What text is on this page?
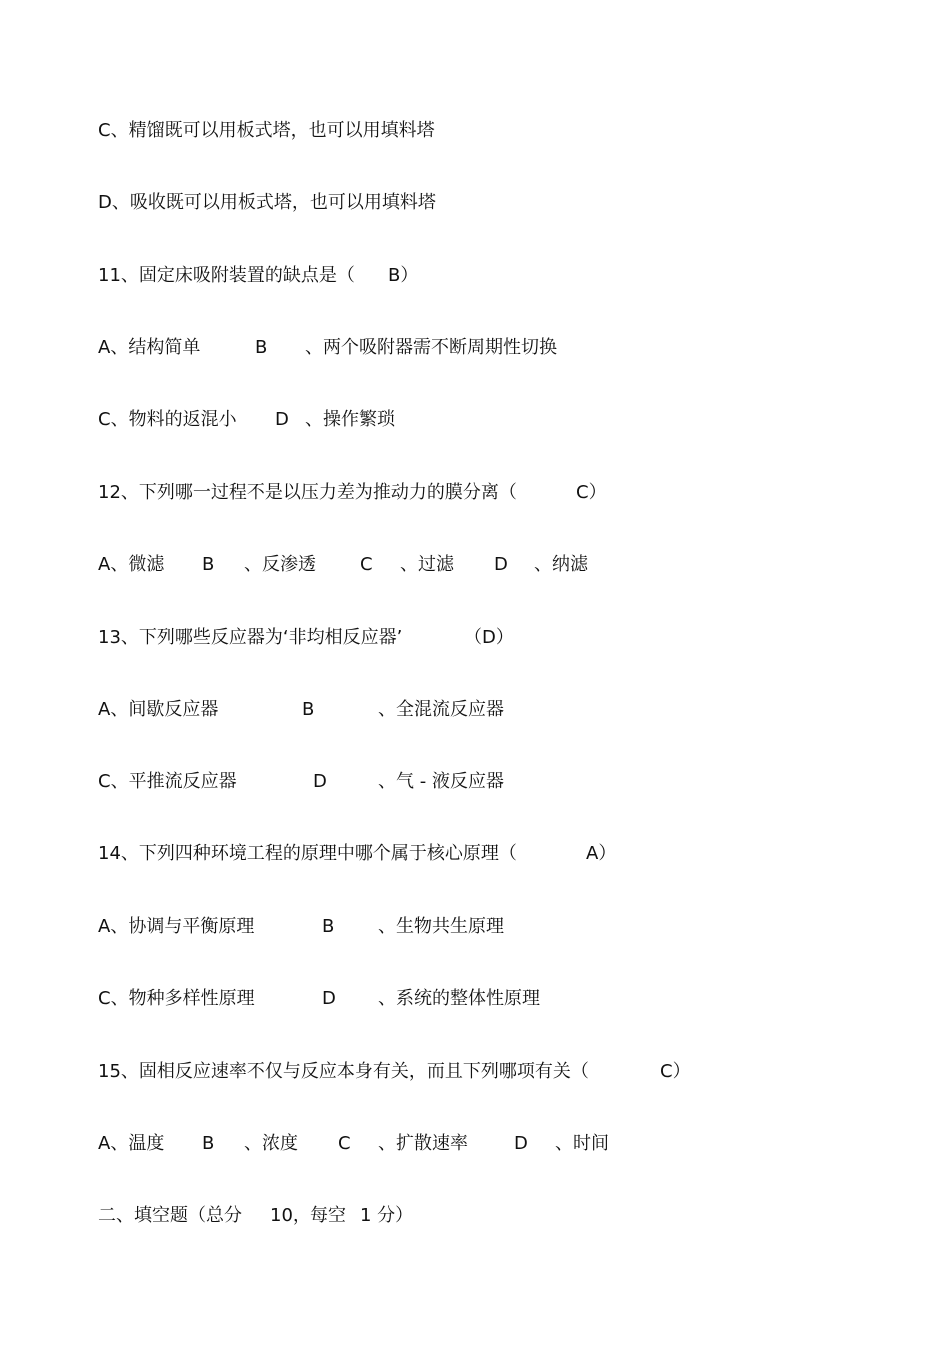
C、精馏既可以用板式塔，也可以用填料塔

D、吸收既可以用板式塔，也可以用填料塔

11、固定床吸附装置的缺点是（

B）

A、结构简单

	B

、两个吸附器需不断周期性切换

C、物料的返混小

D

、操作繁琐

12、下列哪一过程不是以压力差为推动力的膜分离（

	C）

A、微滤

B

、反渗透

C

、过滤

D

、纳滤

13、下列哪些反应器为‘非均相反应器’

	（D）

A、间歇反应器

	B

	、全混流反应器

C、平推流反应器

	D

	、气 - 液反应器

14、下列四种环境工程的原理中哪个属于核心原理（

	A）

A、协调与平衡原理

	B

、生物共生原理

C、物种多样性原理

	D

、系统的整体性原理

15、固相反应速率不仅与反应本身有关，而且下列哪项有关（

	C）

A、温度

B

、浓度

C

、扩散速率

	D

、时间

二、填空题（总分

10，

每空

1 分）
